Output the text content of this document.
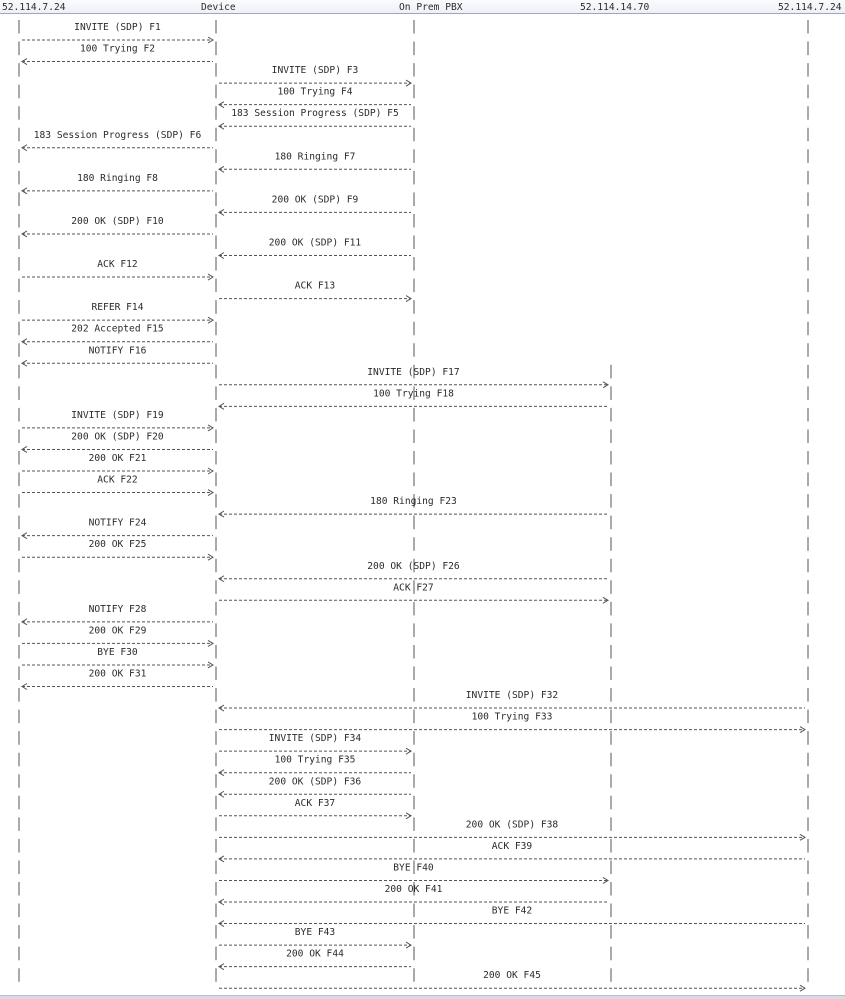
52.114.7.24	Device	On Prem PBX	52.114.14.70	52.114.7.24
INVITE (SDP) F1
100 Trying F2
INVITE (SDP) F3
100 Trying F4
183 Session Progress (SDP) F5
183 Session Progress (SDP) F6
180 Ringing F7
180 Ringing F8
200 OK (SDP) F9
200 OK (SDP) F10
200 OK (SDP) F11
ACK F12
ACK F13
REFER F14
202 Accepted F15
NOTIFY F16
INVITE (SDP) F17
100 Trying F18
INVITE (SDP) F19
200 OK (SDP) F20
200 OK F21
ACK F22
180 Ringing F23
NOTIFY F24
200 OK F25
200 OK (SDP) F26
ACK F27
NOTIFY F28
200 OK F29
BYE F30
200 OK F31
INVITE (SDP) F32
100 Trying F33
INVITE (SDP) F34
100 Trying F35
200 OK (SDP) F36
ACK F37
200 OK (SDP) F38
ACK F39
BYE F40
200 OK F41
BYE F42
BYE F43
200 OK F44
200 OK F45
